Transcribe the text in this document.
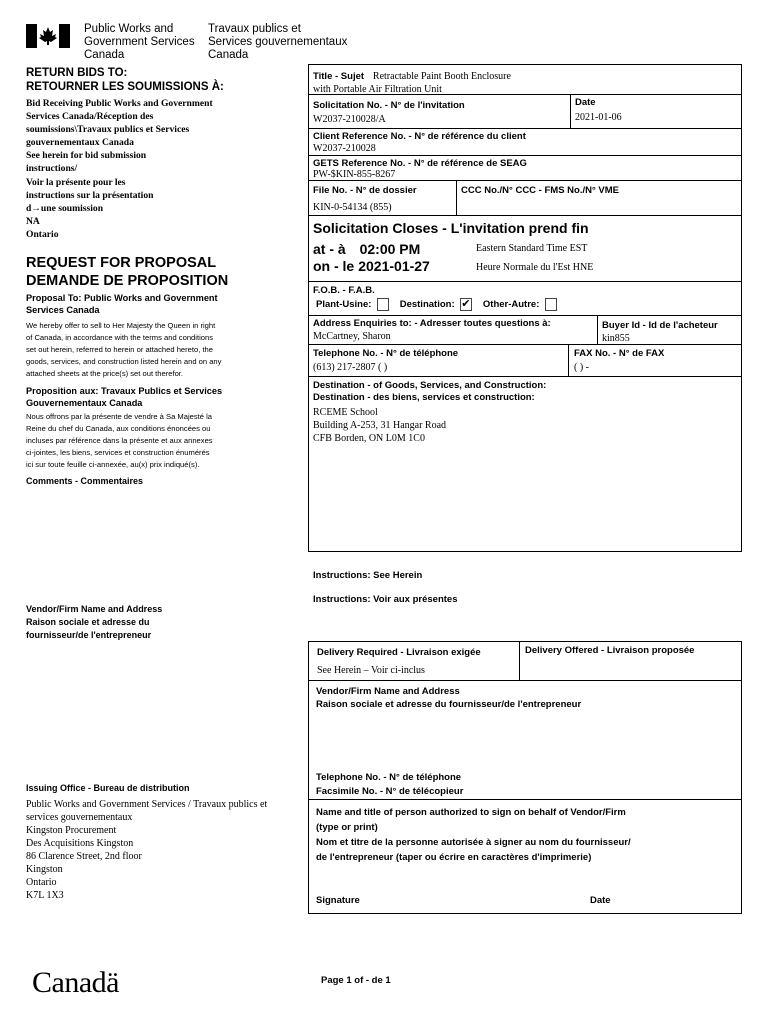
Public Works and
Government Services
Canada
Travaux publics et
Services gouvernementaux
Canada
RETURN BIDS TO:
RETOURNER LES SOUMISSIONS À:
Bid Receiving Public Works and Government
Services Canada/Réception des
soumissions\Travaux publics et Services
gouvernementaux Canada
See herein for bid submission
instructions/
Voir la présente pour les
instructions sur la présentation
d→une soumission
NA
Ontario
REQUEST FOR PROPOSAL
DEMANDE DE PROPOSITION
Proposal To: Public Works and Government Services Canada
We hereby offer to sell to Her Majesty the Queen in right
of Canada, in accordance with the terms and conditions
set out herein, referred to herein or attached hereto, the
goods, services, and construction listed herein and on any
attached sheets at the price(s) set out therefor.
Proposition aux: Travaux Publics et Services Gouvernementaux Canada
Nous offrons par la présente de vendre à Sa Majesté la
Reine du chef du Canada, aux conditions énoncées ou
incluses par référence dans la présente et aux annexes
ci-jointes, les biens, services et construction énumérés
ici sur toute feuille ci-annexée, au(x) prix indiqué(s).
Comments - Commentaires
Vendor/Firm Name and Address
Raison sociale et adresse du
fournisseur/de l'entrepreneur
Issuing Office - Bureau de distribution
Public Works and Government Services / Travaux publics et
services gouvernementaux
Kingston Procurement
Des Acquisitions Kingston
86 Clarence Street, 2nd floor
Kingston
Ontario
K7L 1X3
Title - Sujet Retractable Paint Booth Enclosure
with Portable Air Filtration Unit
Solicitation No. - N° de l'invitation
W2037-210028/A
Date
2021-01-06
Client Reference No. - N° de référence du client
W2037-210028
GETS Reference No. - N° de référence de SEAG
PW-$KIN-855-8267
File No. - N° de dossier
KIN-0-54134 (855)
CCC No./N° CCC - FMS No./N° VME
Solicitation Closes - L'invitation prend fin
at - à 02:00 PM
on - le 2021-01-27
Eastern Standard Time EST
Heure Normale du l'Est HNE
F.O.B. - F.A.B.
Plant-Usine:	Destination: ✔ Other-Autre:
Address Enquiries to: - Adresser toutes questions à:
McCartney, Sharon
Buyer Id - Id de l'acheteur
kin855
Telephone No. - N° de téléphone
(613) 217-2807 ( )
FAX No. - N° de FAX
( ) -
Destination - of Goods, Services, and Construction:
Destination - des biens, services et construction:
RCEME School
Building A-253, 31 Hangar Road
CFB Borden, ON L0M 1C0
Instructions: See Herein
Instructions: Voir aux présentes
Delivery Required - Livraison exigée
See Herein – Voir ci-inclus
Delivery Offered - Livraison proposée
Vendor/Firm Name and Address
Raison sociale et adresse du fournisseur/de l'entrepreneur
Telephone No. - N° de téléphone
Facsimile No. - N° de télécopieur
Name and title of person authorized to sign on behalf of Vendor/Firm
(type or print)
Nom et titre de la personne autorisée à signer au nom du fournisseur/
de l'entrepreneur (taper ou écrire en caractères d'imprimerie)
Signature	Date
Canadä	Page 1 of - de 1
